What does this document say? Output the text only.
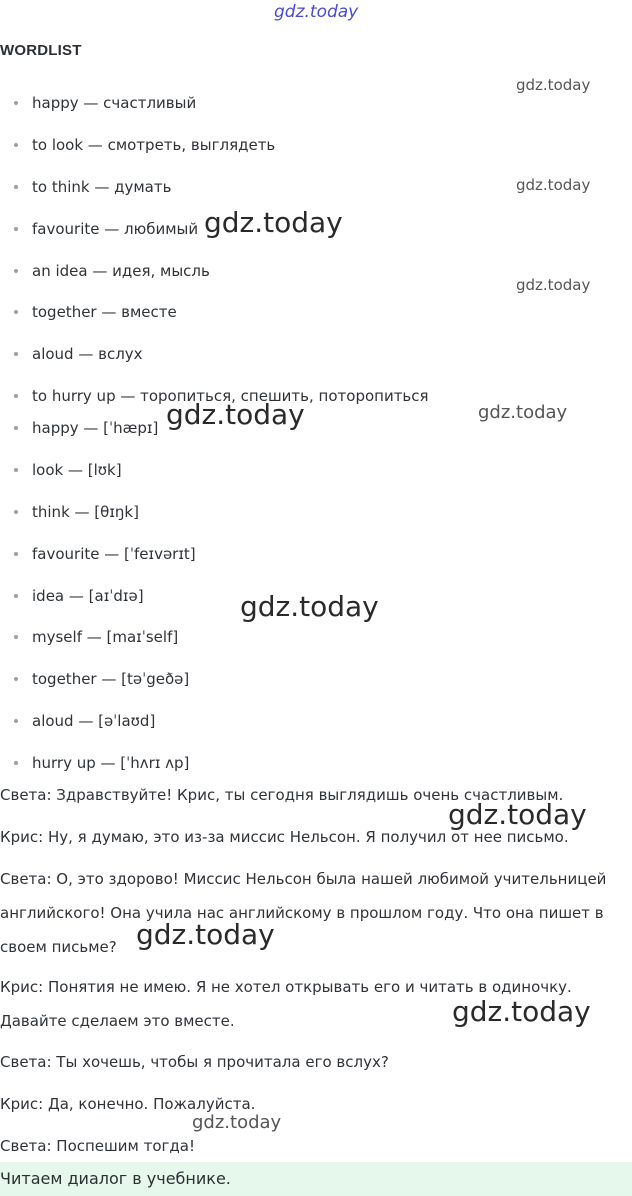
gdz.today
WORDLIST
happy — счастливый
to look — смотреть, выглядеть
to think — думать
favourite — любимый
an idea — идея, мысль
together — вместе
aloud — вслух
to hurry up — торопиться, спешить, поторопиться
happy — [ˈhæpɪ]
look — [lʊk]
think — [θɪŋk]
favourite — [ˈfeɪvərɪt]
idea — [aɪˈdɪə]
myself — [maɪˈself]
together — [təˈgeðə]
aloud — [əˈlaʊd]
hurry up — [ˈhʌrɪ ʌp]

Света: Здравствуйте! Крис, ты сегодня выглядишь очень счастливым.

Крис: Ну, я думаю, это из-за миссис Нельсон. Я получил от нее письмо.

Света: О, это здорово! Миссис Нельсон была нашей любимой учительницей английского! Она учила нас английскому в прошлом году. Что она пишет в своем письме?

Крис: Понятия не имею. Я не хотел открывать его и читать в одиночку. Давайте сделаем это вместе.

Света: Ты хочешь, чтобы я прочитала его вслух?

Крис: Да, конечно. Пожалуйста.

Света: Поспешим тогда!

Читаем диалог в учебнике.
gdz.today
gdz.today
gdz.today
gdz.today
gdz.today
gdz.today
gdz.today
gdz.today
gdz.today
gdz.today
gdz.today
